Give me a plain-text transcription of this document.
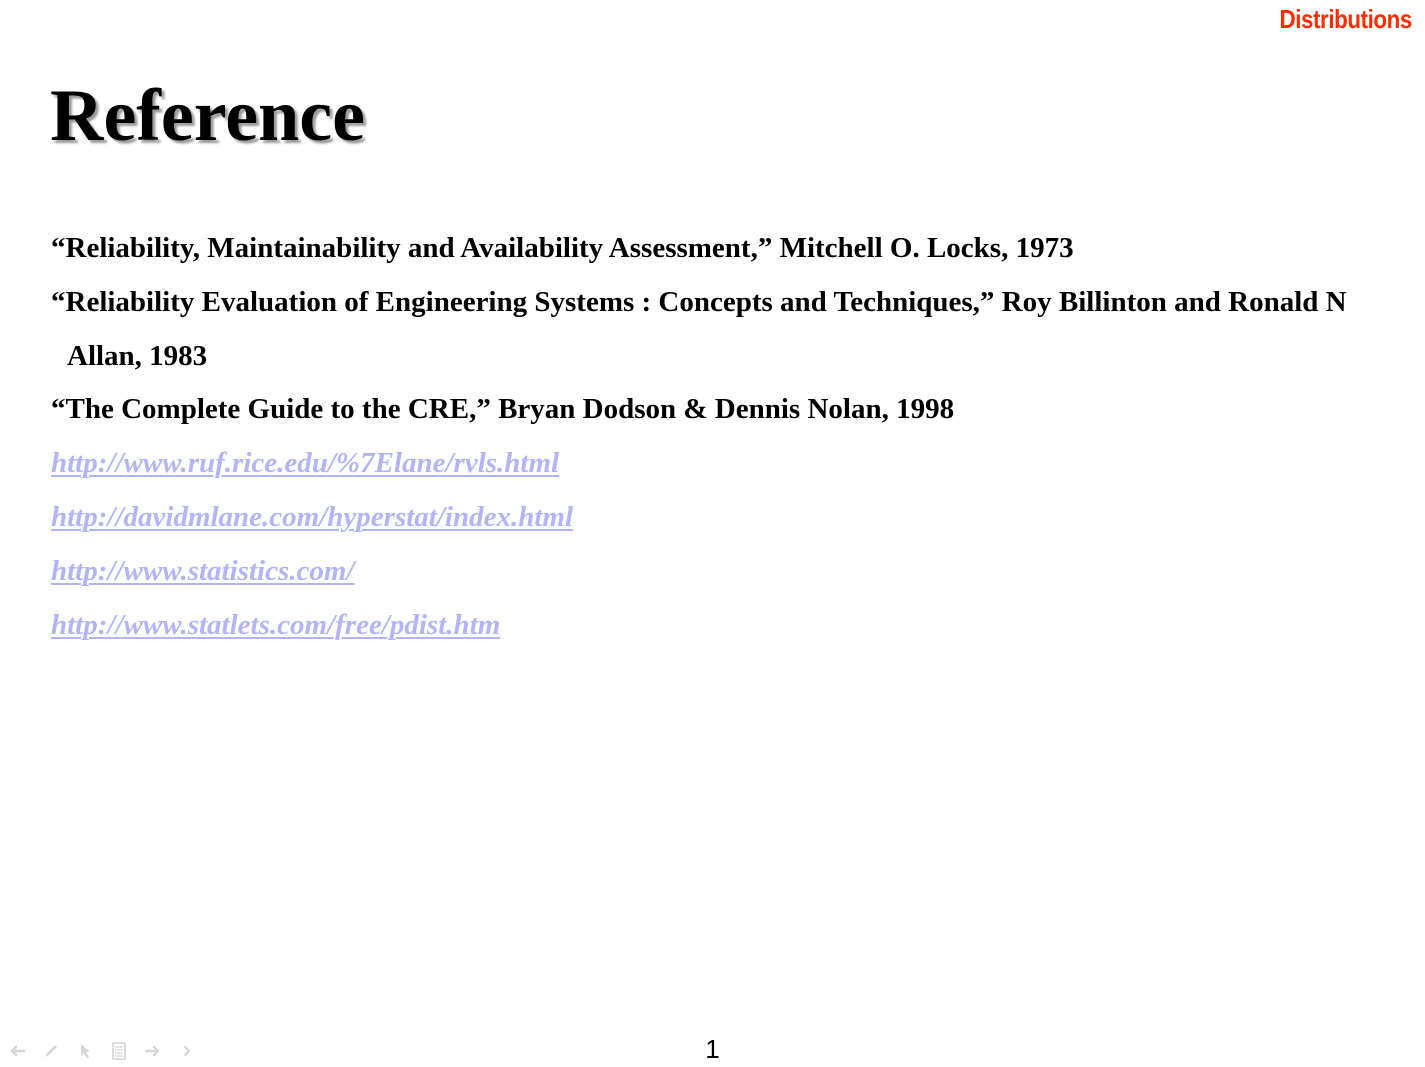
Distributions
Reference
“Reliability, Maintainability and Availability Assessment,” Mitchell O. Locks, 1973
“Reliability Evaluation of Engineering Systems : Concepts and Techniques,” Roy Billinton and Ronald N Allan, 1983
“The Complete Guide to the CRE,” Bryan Dodson & Dennis Nolan, 1998
http://www.ruf.rice.edu/%7Elane/rvls.html
http://davidmlane.com/hyperstat/index.html
http://www.statistics.com/
http://www.statlets.com/free/pdist.htm
1
